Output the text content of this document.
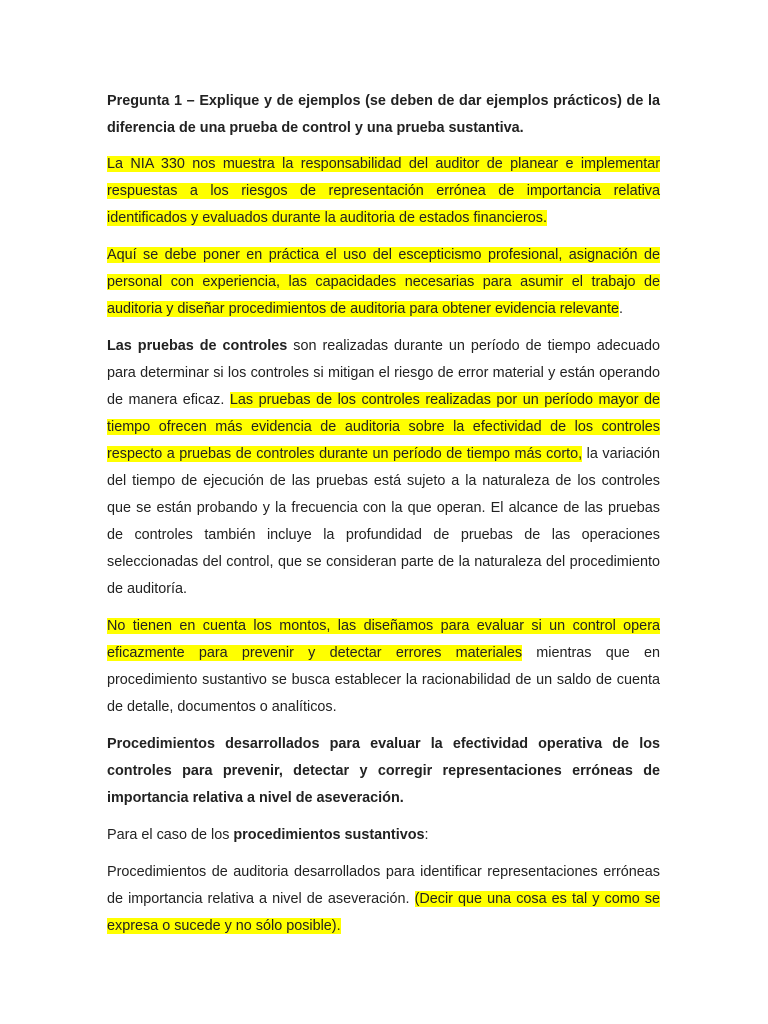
Pregunta 1 – Explique y de ejemplos (se deben de dar ejemplos prácticos) de la diferencia de una prueba de control y una prueba sustantiva.

La NIA 330 nos muestra la responsabilidad del auditor de planear e implementar respuestas a los riesgos de representación errónea de importancia relativa identificados y evaluados durante la auditoria de estados financieros.

Aquí se debe poner en práctica el uso del escepticismo profesional, asignación de personal con experiencia, las capacidades necesarias para asumir el trabajo de auditoria y diseñar procedimientos de auditoria para obtener evidencia relevante.

Las pruebas de controles son realizadas durante un período de tiempo adecuado para determinar si los controles si mitigan el riesgo de error material y están operando de manera eficaz. Las pruebas de los controles realizadas por un período mayor de tiempo ofrecen más evidencia de auditoria sobre la efectividad de los controles respecto a pruebas de controles durante un período de tiempo más corto, la variación del tiempo de ejecución de las pruebas está sujeto a la naturaleza de los controles que se están probando y la frecuencia con la que operan. El alcance de las pruebas de controles también incluye la profundidad de pruebas de las operaciones seleccionadas del control, que se consideran parte de la naturaleza del procedimiento de auditoría.

No tienen en cuenta los montos, las diseñamos para evaluar si un control opera eficazmente para prevenir y detectar errores materiales mientras que en procedimiento sustantivo se busca establecer la racionabilidad de un saldo de cuenta de detalle, documentos o analíticos.

Procedimientos desarrollados para evaluar la efectividad operativa de los controles para prevenir, detectar y corregir representaciones erróneas de importancia relativa a nivel de aseveración.

Para el caso de los procedimientos sustantivos:

Procedimientos de auditoria desarrollados para identificar representaciones erróneas de importancia relativa a nivel de aseveración. (Decir que una cosa es tal y como se expresa o sucede y no sólo posible).
